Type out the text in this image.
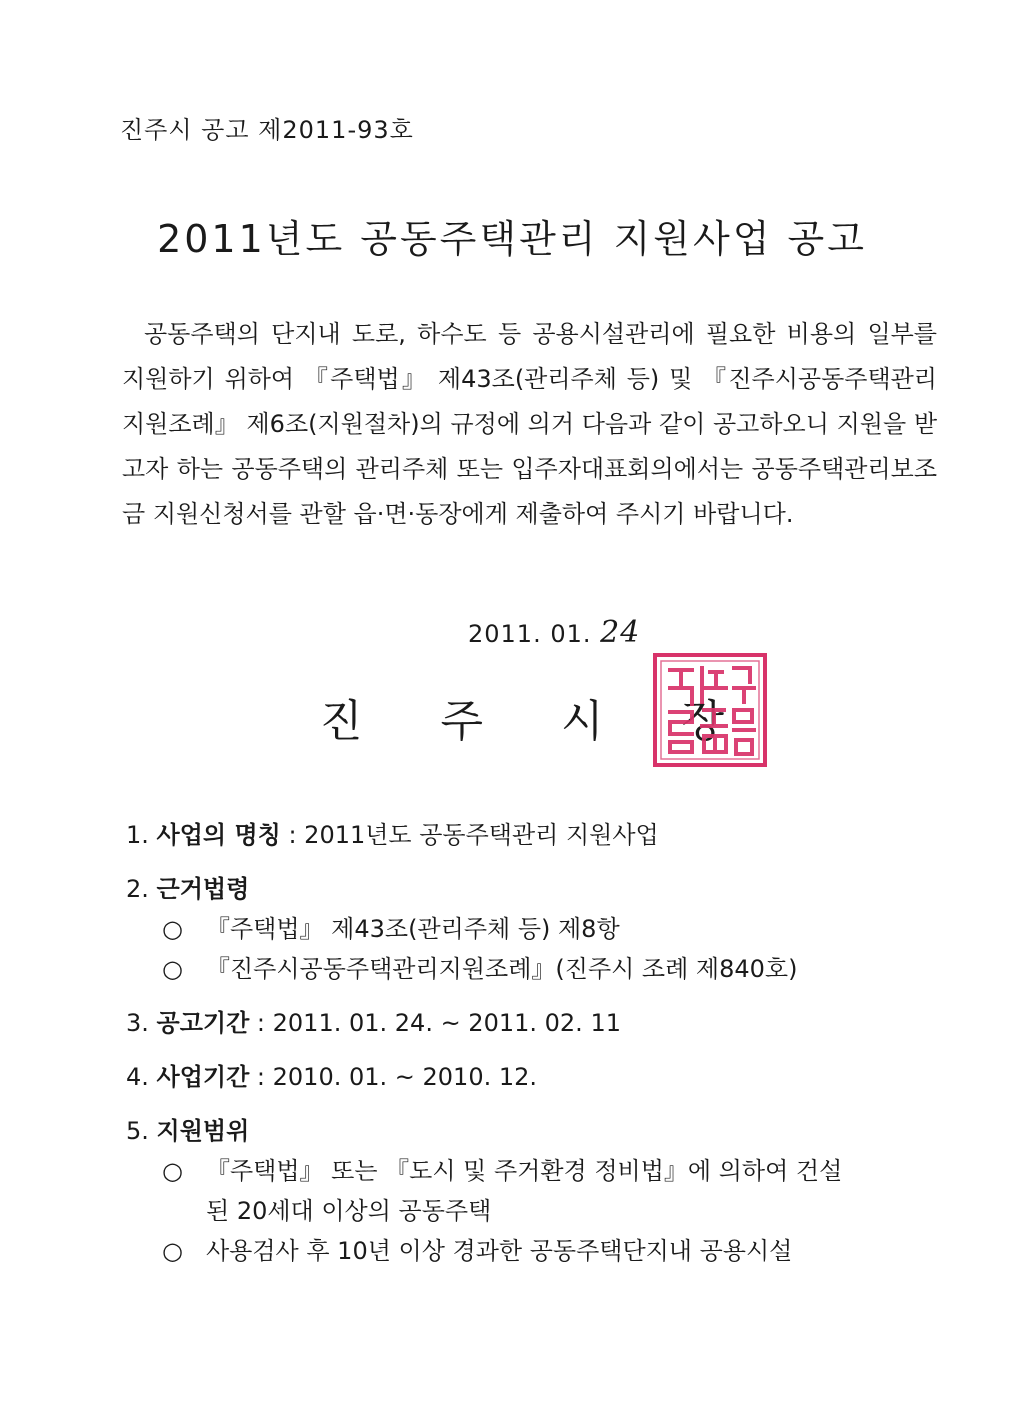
진주시 공고 제2011-93호
2011년도 공동주택관리 지원사업 공고

공동주택의 단지내 도로, 하수도 등 공용시설관리에 필요한 비용의 일부를 지원하기 위하여 『주택법』 제43조(관리주체 등) 및 『진주시공동주택관리지원조례』 제6조(지원절차)의 규정에 의거 다음과 같이 공고하오니 지원을 받고자 하는 공동주택의 관리주체 또는 입주자대표회의에서는 공동주택관리보조금 지원신청서를 관할 읍·면·동장에게 제출하여 주시기 바랍니다.

2011. 01. 24
진주시장
1. 사업의 명칭 : 2011년도 공동주택관리 지원사업
2. 근거법령
○ 『주택법』 제43조(관리주체 등) 제8항
○ 『진주시공동주택관리지원조례』(진주시 조례 제840호)
3. 공고기간 : 2011. 01. 24. ~ 2011. 02. 11
4. 사업기간 : 2010. 01. ~ 2010. 12.
5. 지원범위
○ 『주택법』 또는 『도시 및 주거환경 정비법』에 의하여 건설
된 20세대 이상의 공동주택
○ 사용검사 후 10년 이상 경과한 공동주택단지내 공용시설
